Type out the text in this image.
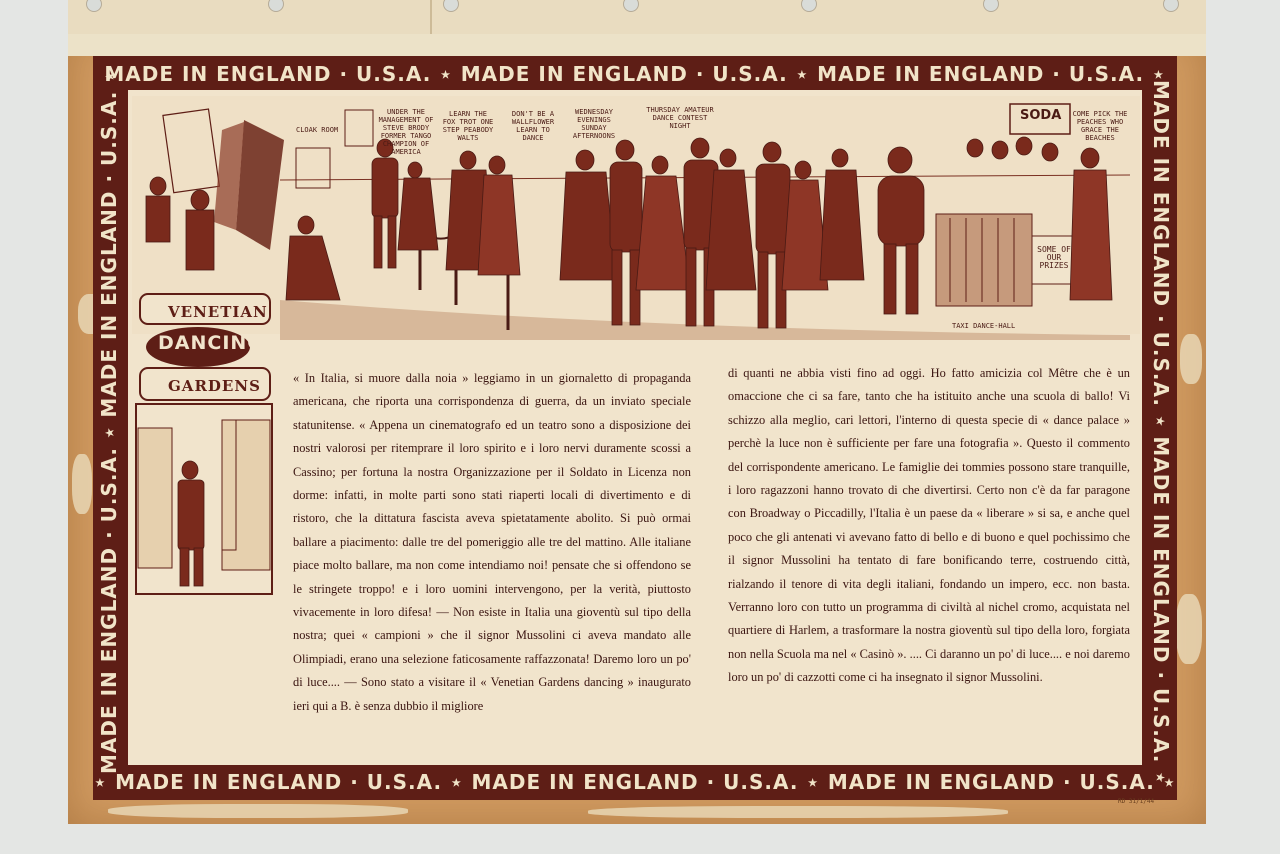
MADE IN ENGLAND · U.S.A. ⋆ MADE IN ENGLAND · U.S.A. ⋆ MADE IN ENGLAND · U.S.A. ⋆
⋆ MADE IN ENGLAND · U.S.A. ⋆ MADE IN ENGLAND · U.S.A. ⋆ MADE IN ENGLAND · U.S.A. ⋆
MADE IN ENGLAND · U.S.A. ⋆ MADE IN ENGLAND · U.S.A. ⋆	MADE IN ENGLAND · U.S.A. ⋆ MADE IN ENGLAND · U.S.A. ⋆
VENETIAN
DANCING
GARDENS
SODA
CLOAK ROOM
UNDER THE MANAGEMENT OF STEVE BRODY FORMER TANGO CHAMPION OF AMERICA
LEARN THE FOX TROT ONE STEP PEABODY WALTS
DON'T BE A WALLFLOWER LEARN TO DANCE
WEDNESDAY EVENINGS SUNDAY AFTERNOONS
THURSDAY AMATEUR DANCE CONTEST NIGHT
COME PICK THE PEACHES WHO GRACE THE BEACHES
SOME OF OUR PRIZES
TAXI DANCE-HALL

« In Italia, si muore dalla noia » leggiamo in un giornaletto di propaganda americana, che riporta una corrispondenza di guerra, da un inviato speciale statunitense. « Appena un cinematografo ed un teatro sono a disposizione dei nostri valorosi per ritemprare il loro spirito e i loro nervi duramente scossi a Cassino; per fortuna la nostra Organizzazione per il Soldato in Licenza non dorme: infatti, in molte parti sono stati riaperti locali di divertimento e di ristoro, che la dittatura fascista aveva spietatamente abolito. Si può ormai ballare a piacimento: dalle tre del pomeriggio alle tre del mattino. Alle italiane piace molto ballare, ma non come intendiamo noi! pensate che si offendono se le stringete troppo! e i loro uomini intervengono, per la verità, piuttosto vivacemente in loro difesa! — Non esiste in Italia una gioventù sul tipo della nostra; quei « campioni » che il signor Mussolini ci aveva mandato alle Olimpiadi, erano una selezione faticosamente raffazzonata! Daremo loro un po' di luce.... — Sono stato a visitare il « Venetian Gardens dancing » inaugurato ieri qui a B. è senza dubbio il migliore

di quanti ne abbia visti fino ad oggi. Ho fatto amicizia col Mêtre che è un omaccione che ci sa fare, tanto che ha istituito anche una scuola di ballo! Vi schizzo alla meglio, cari lettori, l'interno di questa specie di « dance palace » perchè la luce non è sufficiente per fare una fotografia ». Questo il commento del corrispondente americano. Le famiglie dei tommies possono stare tranquille, i loro ragazzoni hanno trovato di che divertirsi. Certo non c'è da far paragone con Broadway o Piccadilly, l'Italia è un paese da « liberare » si sa, e anche quel poco che gli antenati vi avevano fatto di bello e di buono e quel pochissimo che il signor Mussolini ha tentato di fare bonificando terre, costruendo città, rialzando il tenore di vita degli italiani, fondando un impero, ecc. non basta. Verranno loro con tutto un programma di civiltà al nichel cromo, acquistata nel quartiere di Harlem, a trasformare la nostra gioventù sul tipo della loro, forgiata non nella Scuola ma nel « Casinò ». .... Ci daranno un po' di luce.... e noi daremo loro un po' di cazzotti come ci ha insegnato il signor Mussolini.

RD 31/1/44
